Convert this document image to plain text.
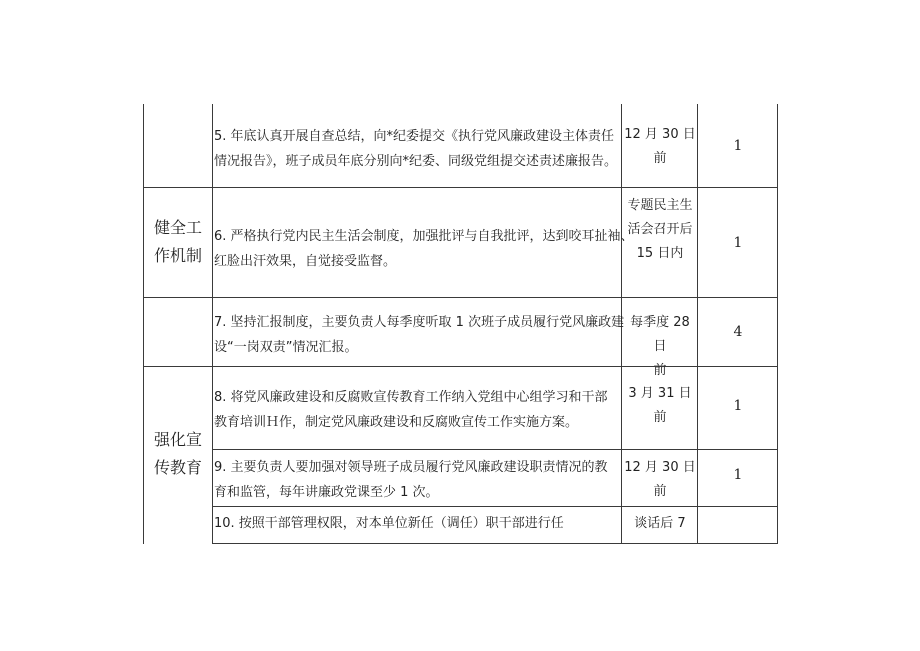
健全工
作机制
强化宣
传教育
5. 年底认真开展自查总结，向*纪委提交《执行党风廉政建设主体责任
情况报告》，班子成员年底分别向*纪委、同级党组提交述责述廉报告。
12 月 30 日
前
1
6. 严格执行党内民主生活会制度，加强批评与自我批评，达到咬耳扯袖、
红脸出汗效果，自觉接受监督。
专题民主生
活会召开后
15 日内
1
7. 坚持汇报制度，主要负责人每季度听取 1 次班子成员履行党风廉政建
设“一岗双责”情况汇报。
每季度 28 日
前
4
8. 将党风廉政建设和反腐败宣传教育工作纳入党组中心组学习和干部
教育培训Ｈ作，制定党风廉政建设和反腐败宣传工作实施方案。
3 月 31 日
前
1
9. 主要负责人要加强对领导班子成员履行党风廉政建设职责情况的教
育和监管，每年讲廉政党课至少 1 次。
12 月 30 日
前
1
10. 按照干部管理权限，对本单位新任（调任）职干部进行任	谈话后 7
